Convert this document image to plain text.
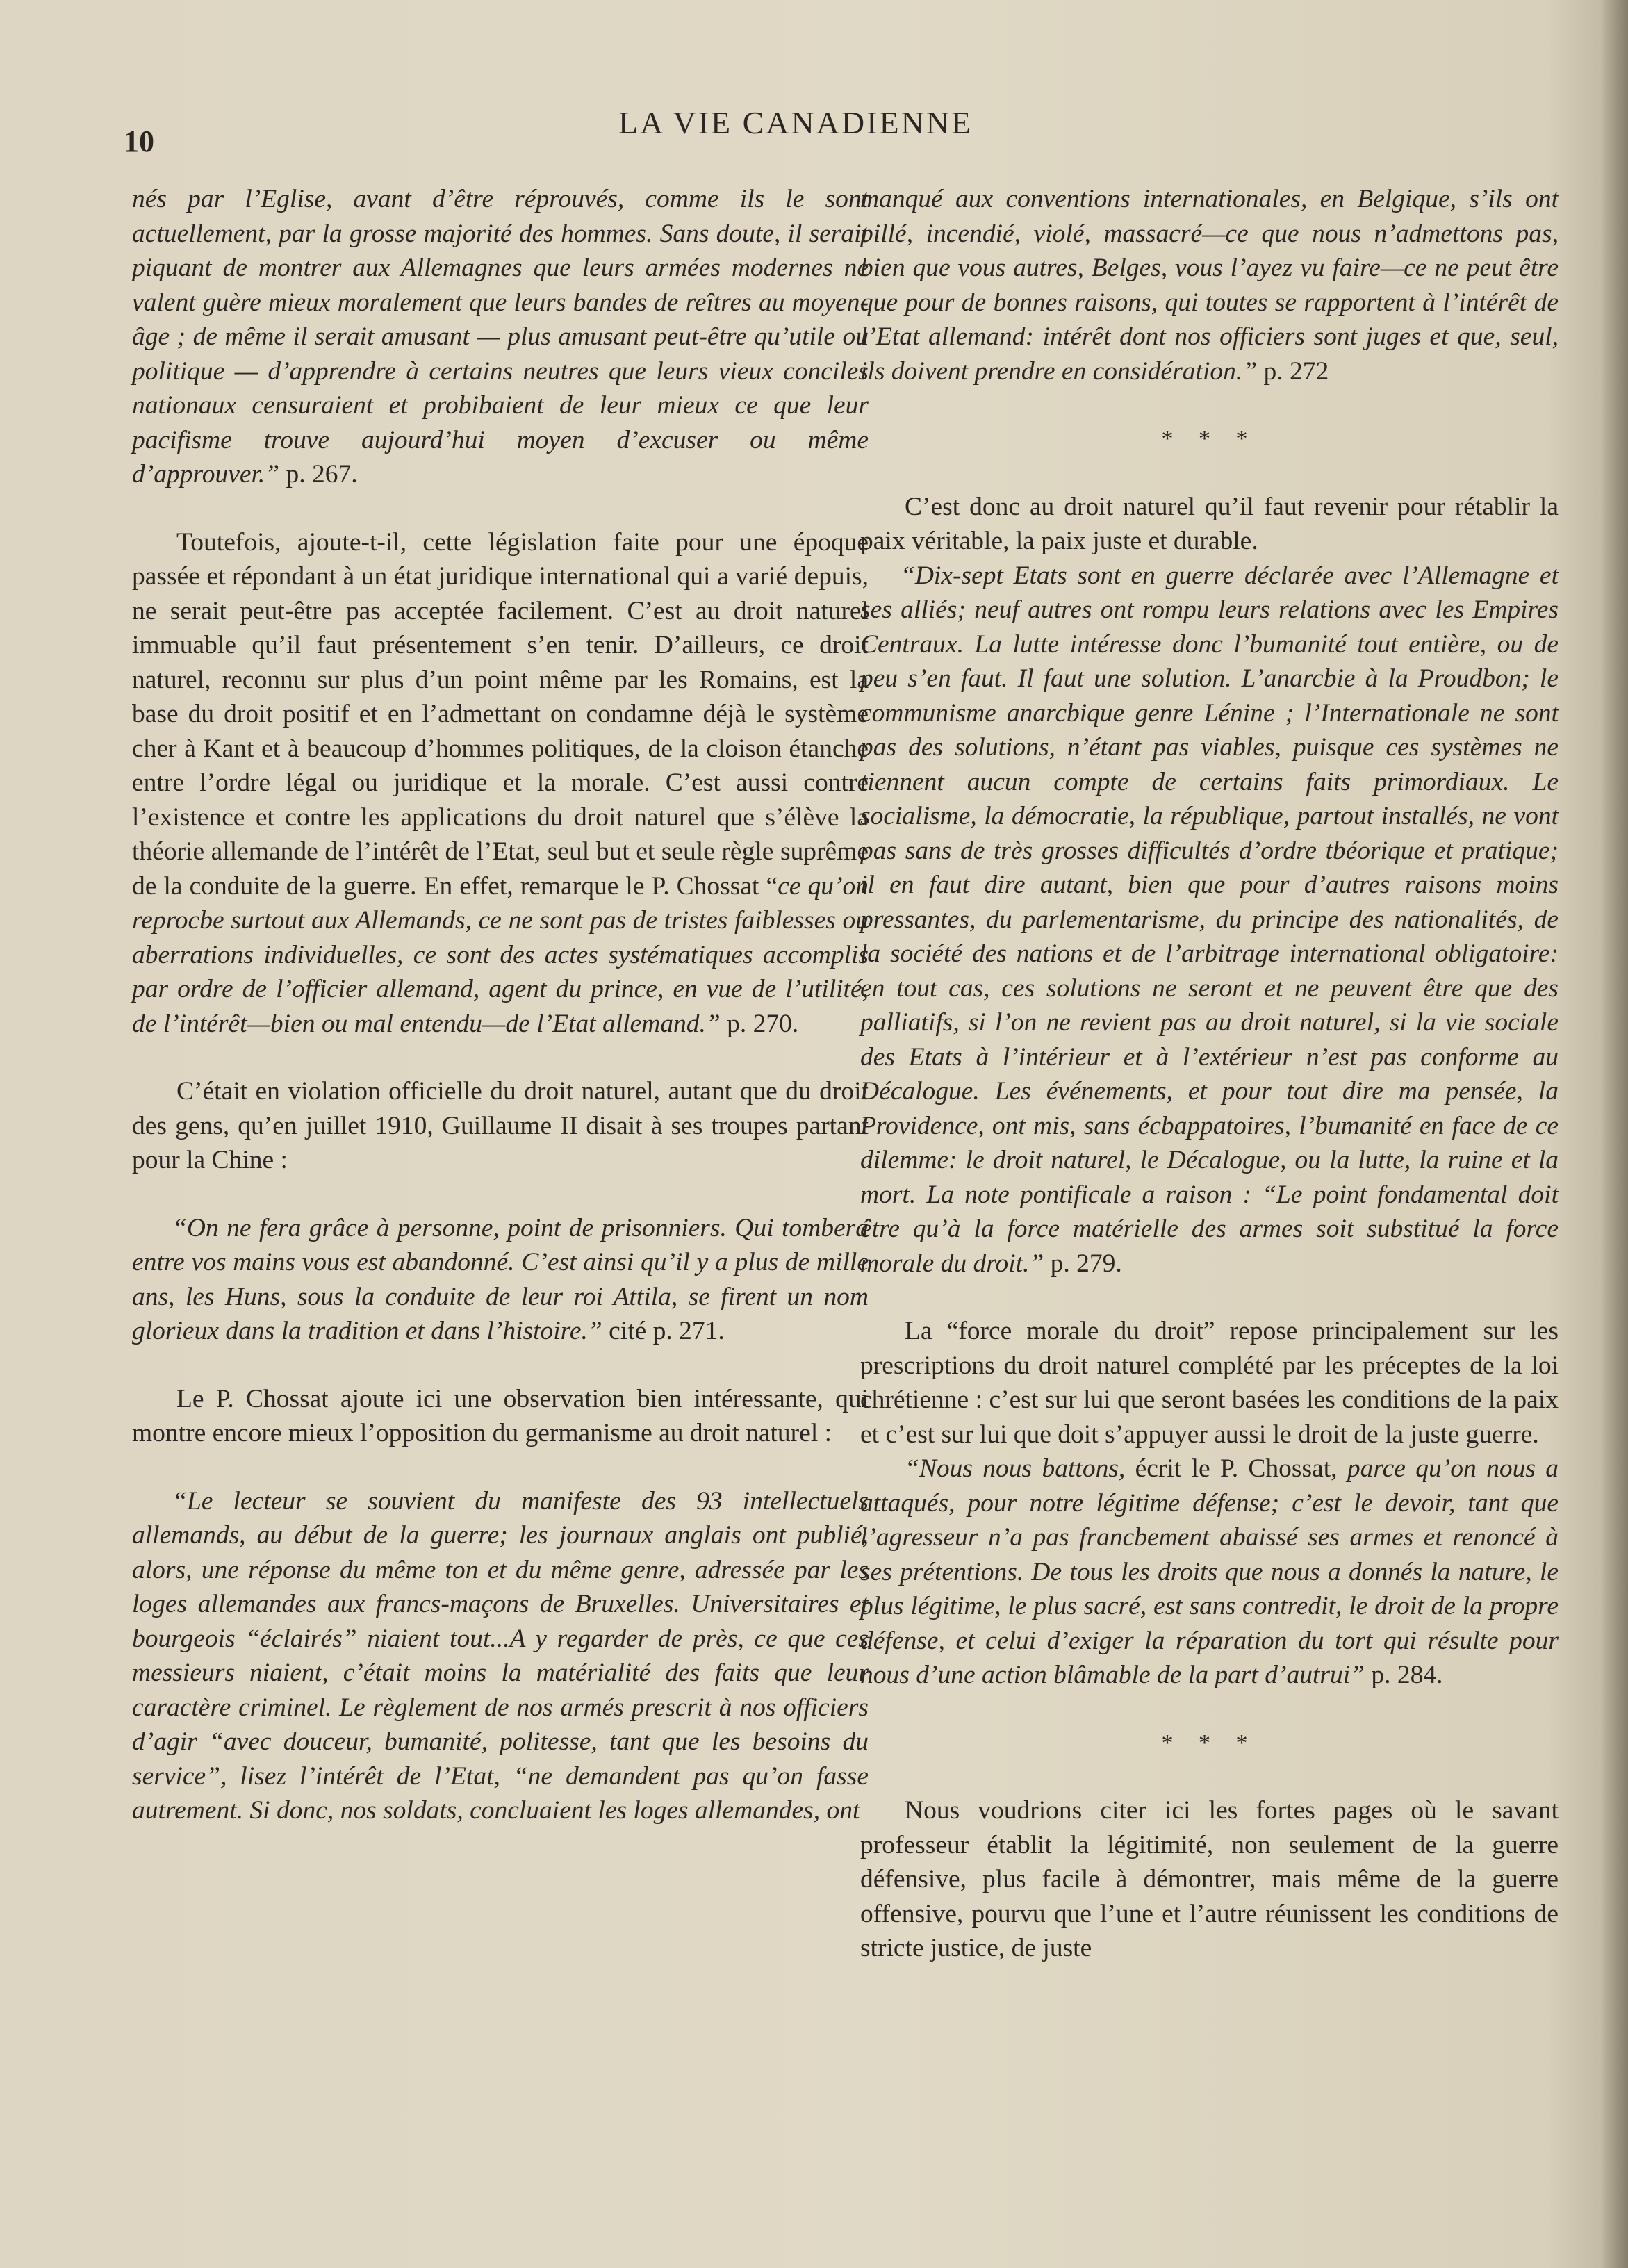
10
LA VIE CANADIENNE

nés par l’Eglise, avant d’être réprouvés, comme ils le sont actuellement, par la grosse majorité des hommes. Sans doute, il serait piquant de montrer aux Allemagnes que leurs armées modernes ne valent guère mieux moralement que leurs bandes de reîtres au moyen-âge ; de même il serait amusant — plus amusant peut-être qu’utile ou politique — d’apprendre à certains neutres que leurs vieux conciles nationaux censuraient et probibaient de leur mieux ce que leur pacifisme trouve aujourd’hui moyen d’excuser ou même d’approuver.” p. 267.

Toutefois, ajoute-t-il, cette législation faite pour une époque passée et répondant à un état juridique international qui a varié depuis, ne serait peut-être pas acceptée facilement. C’est au droit naturel immuable qu’il faut présentement s’en tenir. D’ailleurs, ce droit naturel, reconnu sur plus d’un point même par les Romains, est la base du droit positif et en l’admettant on condamne déjà le système cher à Kant et à beaucoup d’hommes politiques, de la cloison étanche entre l’ordre légal ou juridique et la morale. C’est aussi contre l’existence et contre les applications du droit naturel que s’élève la théorie allemande de l’intérêt de l’Etat, seul but et seule règle suprême de la conduite de la guerre. En effet, remarque le P. Chossat “ce qu’on reprocbe surtout aux Allemands, ce ne sont pas de tristes faiblesses ou aberrations individuelles, ce sont des actes systématiques accomplis par ordre de l’officier allemand, agent du prince, en vue de l’utilité, de l’intérêt—bien ou mal entendu—de l’Etat allemand.” p. 270.

C’était en violation officielle du droit naturel, autant que du droit des gens, qu’en juillet 1910, Guillaume II disait à ses troupes partant pour la Chine :

“On ne fera grâce à personne, point de prisonniers. Qui tombera entre vos mains vous est abandonné. C’est ainsi qu’il y a plus de mille ans, les Huns, sous la conduite de leur roi Attila, se firent un nom glorieux dans la tradition et dans l’histoire.” cité p. 271.

Le P. Chossat ajoute ici une observation bien intéressante, qui montre encore mieux l’opposition du germanisme au droit naturel :

“Le lecteur se souvient du manifeste des 93 intellectuels allemands, au début de la guerre; les journaux anglais ont publié, alors, une réponse du même ton et du même genre, adressée par les loges allemandes aux francs-maçons de Bruxelles. Universitaires et bourgeois “éclairés” niaient tout...A y regarder de près, ce que ces messieurs niaient, c’était moins la matérialité des faits que leur caractère criminel. Le règlement de nos armés prescrit à nos officiers d’agir “avec douceur, bumanité, politesse, tant que les besoins du service”, lisez l’intérêt de l’Etat, “ne demandent pas qu’on fasse autrement. Si donc, nos soldats, concluaient les loges allemandes, ont

manqué aux conventions internationales, en Belgique, s’ils ont pillé, incendié, violé, massacré—ce que nous n’admettons pas, bien que vous autres, Belges, vous l’ayez vu faire—ce ne peut être que pour de bonnes raisons, qui toutes se rapportent à l’intérêt de l’Etat allemand: intérêt dont nos officiers sont juges et que, seul, ils doivent prendre en considération.” p. 272

* * *

C’est donc au droit naturel qu’il faut revenir pour rétablir la paix véritable, la paix juste et durable.

“Dix-sept Etats sont en guerre déclarée avec l’Allemagne et ses alliés; neuf autres ont rompu leurs relations avec les Empires Centraux. La lutte intéresse donc l’bumanité tout entière, ou de peu s’en faut. Il faut une solution. L’anarcbie à la Proudbon; le communisme anarcbique genre Lénine ; l’Internationale ne sont pas des solutions, n’étant pas viables, puisque ces systèmes ne tiennent aucun compte de certains faits primordiaux. Le socialisme, la démocratie, la république, partout installés, ne vont pas sans de très grosses difficultés d’ordre tbéorique et pratique; il en faut dire autant, bien que pour d’autres raisons moins pressantes, du parlementarisme, du principe des nationalités, de la société des nations et de l’arbitrage international obligatoire: en tout cas, ces solutions ne seront et ne peuvent être que des palliatifs, si l’on ne revient pas au droit naturel, si la vie sociale des Etats à l’intérieur et à l’extérieur n’est pas conforme au Décalogue. Les événements, et pour tout dire ma pensée, la Providence, ont mis, sans écbappatoires, l’bumanité en face de ce dilemme: le droit naturel, le Décalogue, ou la lutte, la ruine et la mort. La note pontificale a raison : “Le point fondamental doit être qu’à la force matérielle des armes soit substitué la force morale du droit.” p. 279.

La “force morale du droit” repose principalement sur les prescriptions du droit naturel complété par les préceptes de la loi chrétienne : c’est sur lui que seront basées les conditions de la paix et c’est sur lui que doit s’appuyer aussi le droit de la juste guerre.

“Nous nous battons, écrit le P. Chossat, parce qu’on nous a attaqués, pour notre légitime défense; c’est le devoir, tant que l’agresseur n’a pas francbement abaissé ses armes et renoncé à ses prétentions. De tous les droits que nous a donnés la nature, le plus légitime, le plus sacré, est sans contredit, le droit de la propre défense, et celui d’exiger la réparation du tort qui résulte pour nous d’une action blâmable de la part d’autrui” p. 284.

* * *

Nous voudrions citer ici les fortes pages où le savant professeur établit la légitimité, non seulement de la guerre défensive, plus facile à démontrer, mais même de la guerre offensive, pourvu que l’une et l’autre réunissent les conditions de stricte justice, de juste
